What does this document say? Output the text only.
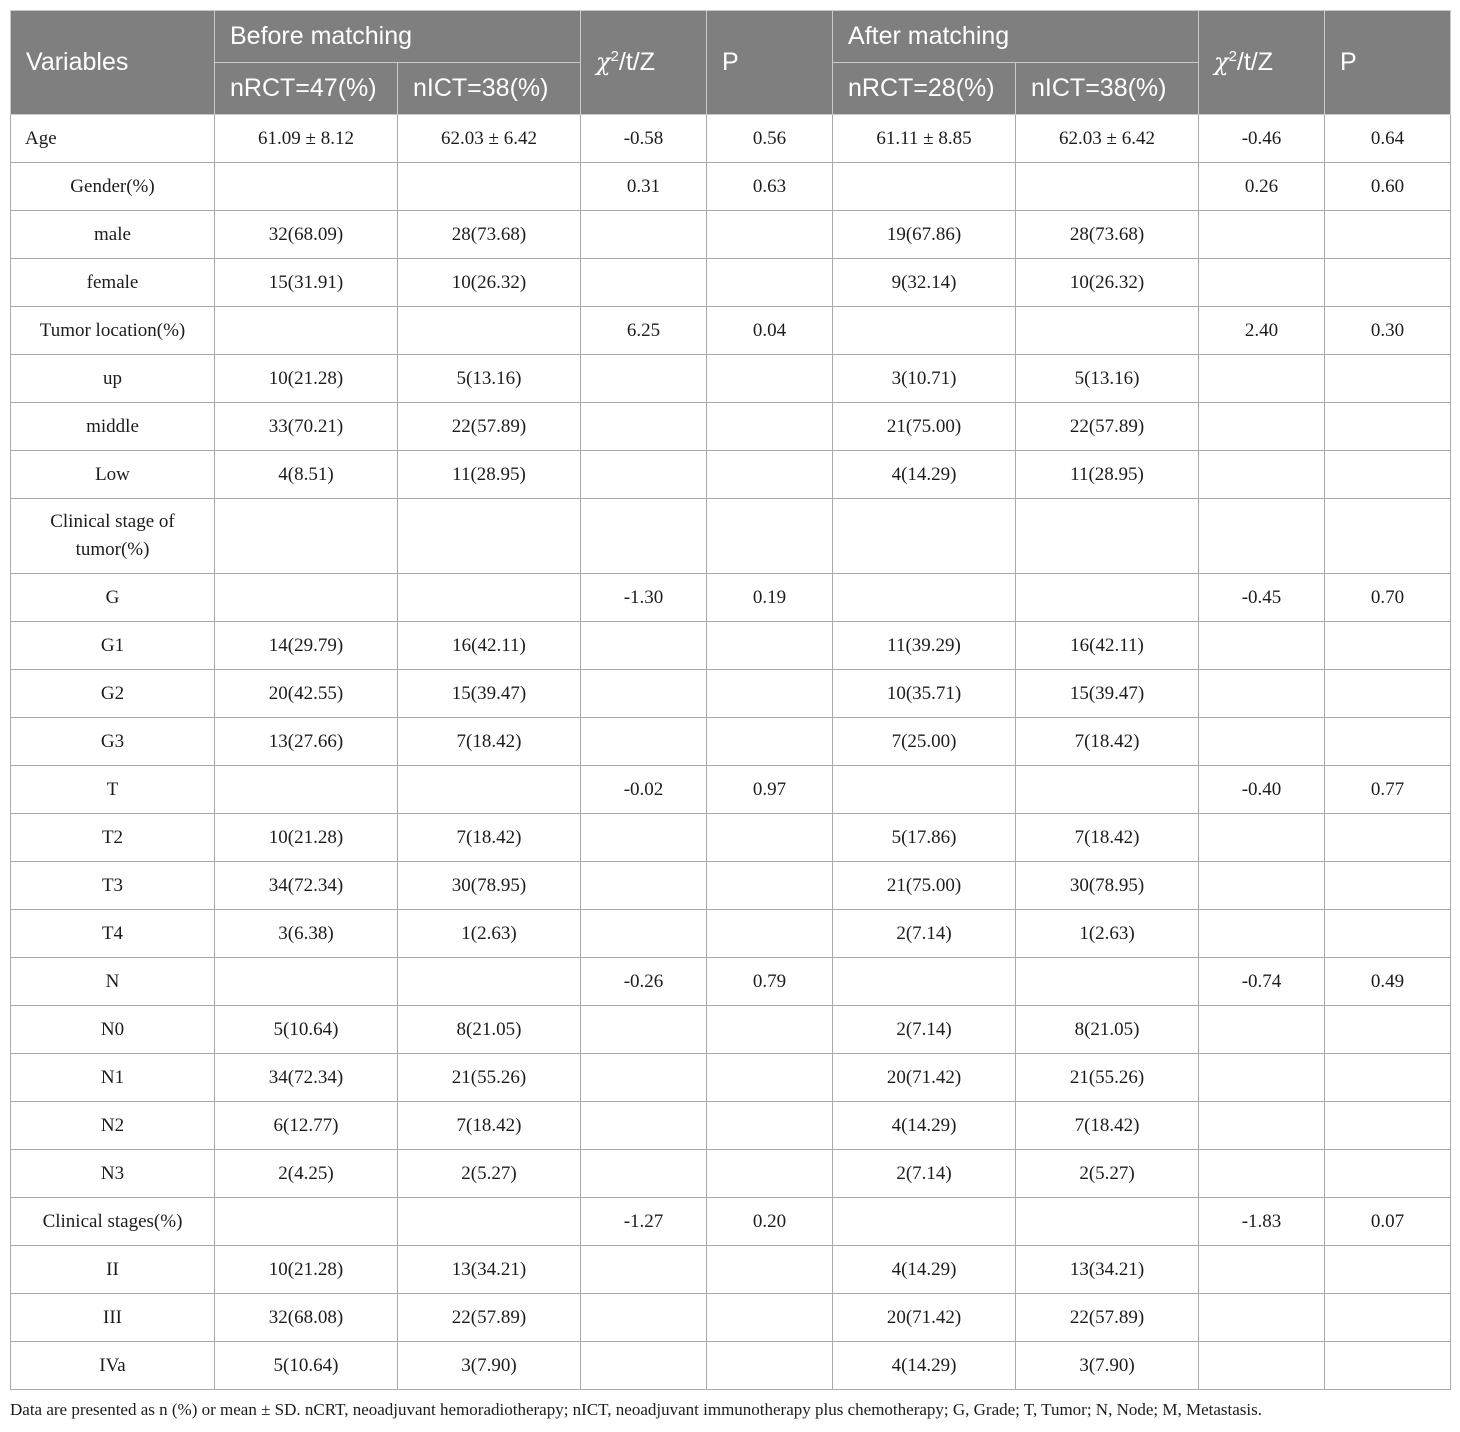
Variables	Before matching		$\chi^2/t/Z$	P	After matching		$\chi^2/t/Z$	P
	nRCT=47(%)	nICT=38(%)			nRCT=28(%)	nICT=38(%)		
Age	61.09 ± 8.12	62.03 ± 6.42	-0.58	0.56	61.11 ± 8.85	62.03 ± 6.42	-0.46	0.64
Gender(%)			0.31	0.63			0.26	0.60
male	32(68.09)	28(73.68)			19(67.86)	28(73.68)		
female	15(31.91)	10(26.32)			9(32.14)	10(26.32)		
Tumor location(%)			6.25	0.04			2.40	0.30
up	10(21.28)	5(13.16)			3(10.71)	5(13.16)		
middle	33(70.21)	22(57.89)			21(75.00)	22(57.89)		
Low	4(8.51)	11(28.95)			4(14.29)	11(28.95)		
Clinical stage of tumor(%)								
G			-1.30	0.19			-0.45	0.70
G1	14(29.79)	16(42.11)			11(39.29)	16(42.11)		
G2	20(42.55)	15(39.47)			10(35.71)	15(39.47)		
G3	13(27.66)	7(18.42)			7(25.00)	7(18.42)		
T			-0.02	0.97			-0.40	0.77
T2	10(21.28)	7(18.42)			5(17.86)	7(18.42)		
T3	34(72.34)	30(78.95)			21(75.00)	30(78.95)		
T4	3(6.38)	1(2.63)			2(7.14)	1(2.63)		
N			-0.26	0.79			-0.74	0.49
N0	5(10.64)	8(21.05)			2(7.14)	8(21.05)		
N1	34(72.34)	21(55.26)			20(71.42)	21(55.26)		
N2	6(12.77)	7(18.42)			4(14.29)	7(18.42)		
N3	2(4.25)	2(5.27)			2(7.14)	2(5.27)		
Clinical stages(%)			-1.27	0.20			-1.83	0.07
II	10(21.28)	13(34.21)			4(14.29)	13(34.21)		
III	32(68.08)	22(57.89)			20(71.42)	22(57.89)		
IVa	5(10.64)	3(7.90)			4(14.29)	3(7.90)		
Data are presented as n (%) or mean ± SD. nCRT, neoadjuvant hemoradiotherapy; nICT, neoadjuvant immunotherapy plus chemotherapy; G, Grade; T, Tumor; N, Node; M, Metastasis.
